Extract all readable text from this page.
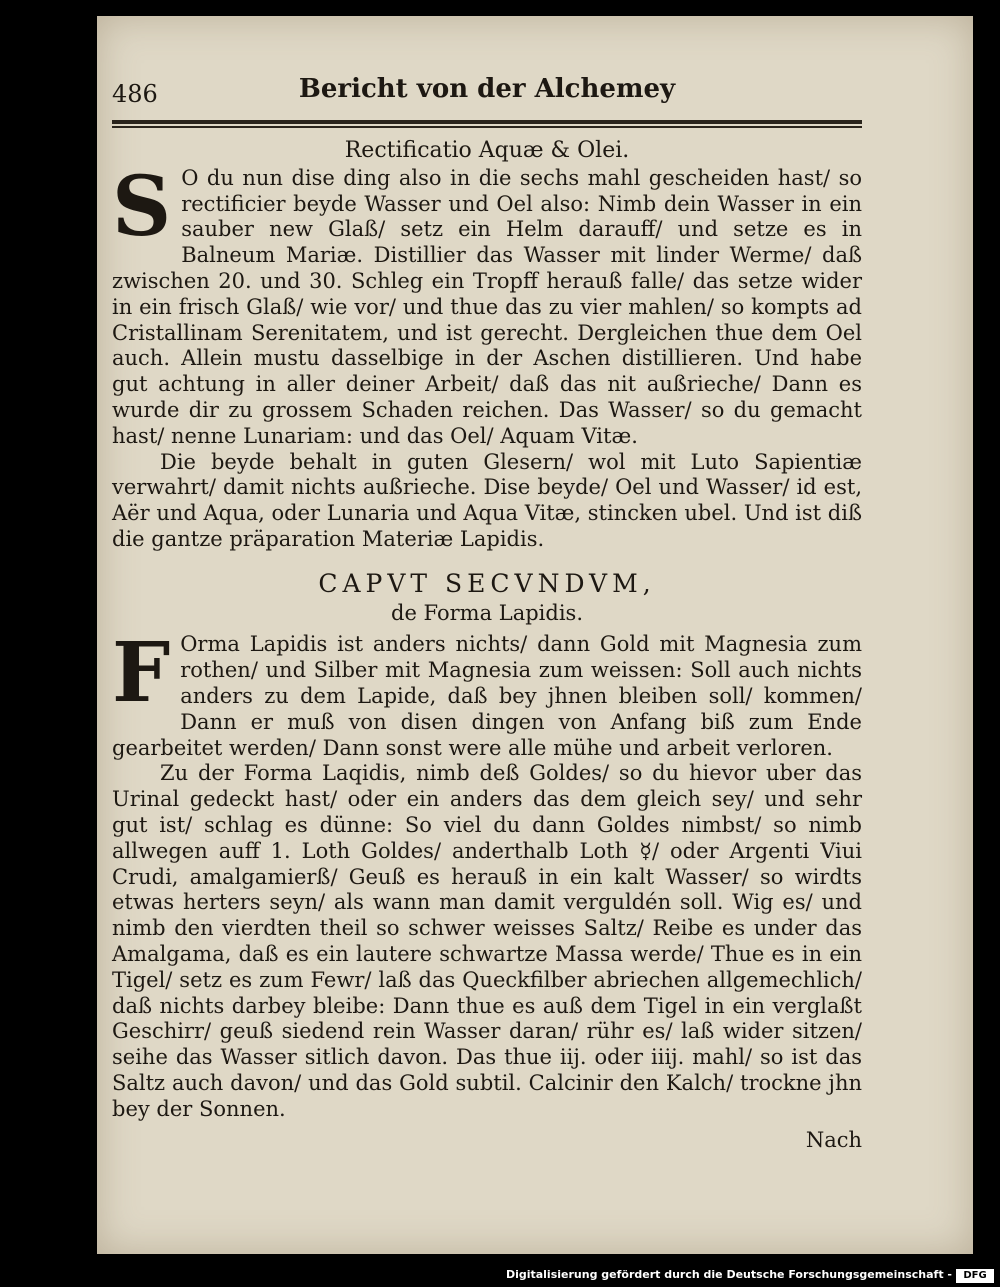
486	Bericht von der Alchemey
Rectificatio Aquæ & Olei.

S O du nun dise ding also in die sechs mahl gescheiden hast/ so rectificier beyde Wasser und Oel also: Nimb dein Wasser in ein sauber new Glaß/ setz ein Helm darauff/ und setze es in Balneum Mariæ. Distillier das Wasser mit linder Werme/ daß zwischen 20. und 30. Schleg ein Tropff herauß falle/ das setze wider in ein frisch Glaß/ wie vor/ und thue das zu vier mahlen/ so kompts ad Cristallinam Serenitatem, und ist gerecht. Dergleichen thue dem Oel auch. Allein mustu dasselbige in der Aschen distillieren. Und habe gut achtung in aller deiner Arbeit/ daß das nit außrieche/ Dann es wurde dir zu grossem Schaden reichen. Das Wasser/ so du gemacht hast/ nenne Lunariam: und das Oel/ Aquam Vitæ.

Die beyde behalt in guten Glesern/ wol mit Luto Sapientiæ verwahrt/ damit nichts außrieche. Dise beyde/ Oel und Wasser/ id est, Aër und Aqua, oder Lunaria und Aqua Vitæ, stincken ubel. Und ist diß die gantze präparation Materiæ Lapidis.

CAPVT SECVNDVM,
de Forma Lapidis.

F Orma Lapidis ist anders nichts/ dann Gold mit Magnesia zum rothen/ und Silber mit Magnesia zum weissen: Soll auch nichts anders zu dem Lapide, daß bey jhnen bleiben soll/ kommen/ Dann er muß von disen dingen von Anfang biß zum Ende gearbeitet werden/ Dann sonst were alle mühe und arbeit verloren.

Zu der Forma Laqidis, nimb deß Goldes/ so du hievor uber das Urinal gedeckt hast/ oder ein anders das dem gleich sey/ und sehr gut ist/ schlag es dünne: So viel du dann Goldes nimbst/ so nimb allwegen auff 1. Loth Goldes/ anderthalb Loth ☿/ oder Argenti Viui Crudi, amalgamierß/ Geuß es herauß in ein kalt Wasser/ so wirdts etwas herters seyn/ als wann man damit verguldén soll. Wig es/ und nimb den vierdten theil so schwer weisses Saltz/ Reibe es under das Amalgama, daß es ein lautere schwartze Massa werde/ Thue es in ein Tigel/ setz es zum Fewr/ laß das Queckfilber abriechen allgemechlich/ daß nichts darbey bleibe: Dann thue es auß dem Tigel in ein verglaßt Geschirr/ geuß siedend rein Wasser daran/ rühr es/ laß wider sitzen/ seihe das Wasser sitlich davon. Das thue iij. oder iiij. mahl/ so ist das Saltz auch davon/ und das Gold subtil. Calcinir den Kalch/ trockne jhn bey der Sonnen.

Nach
Digitalisierung gefördert durch die Deutsche Forschungsgemeinschaft -	DFG
